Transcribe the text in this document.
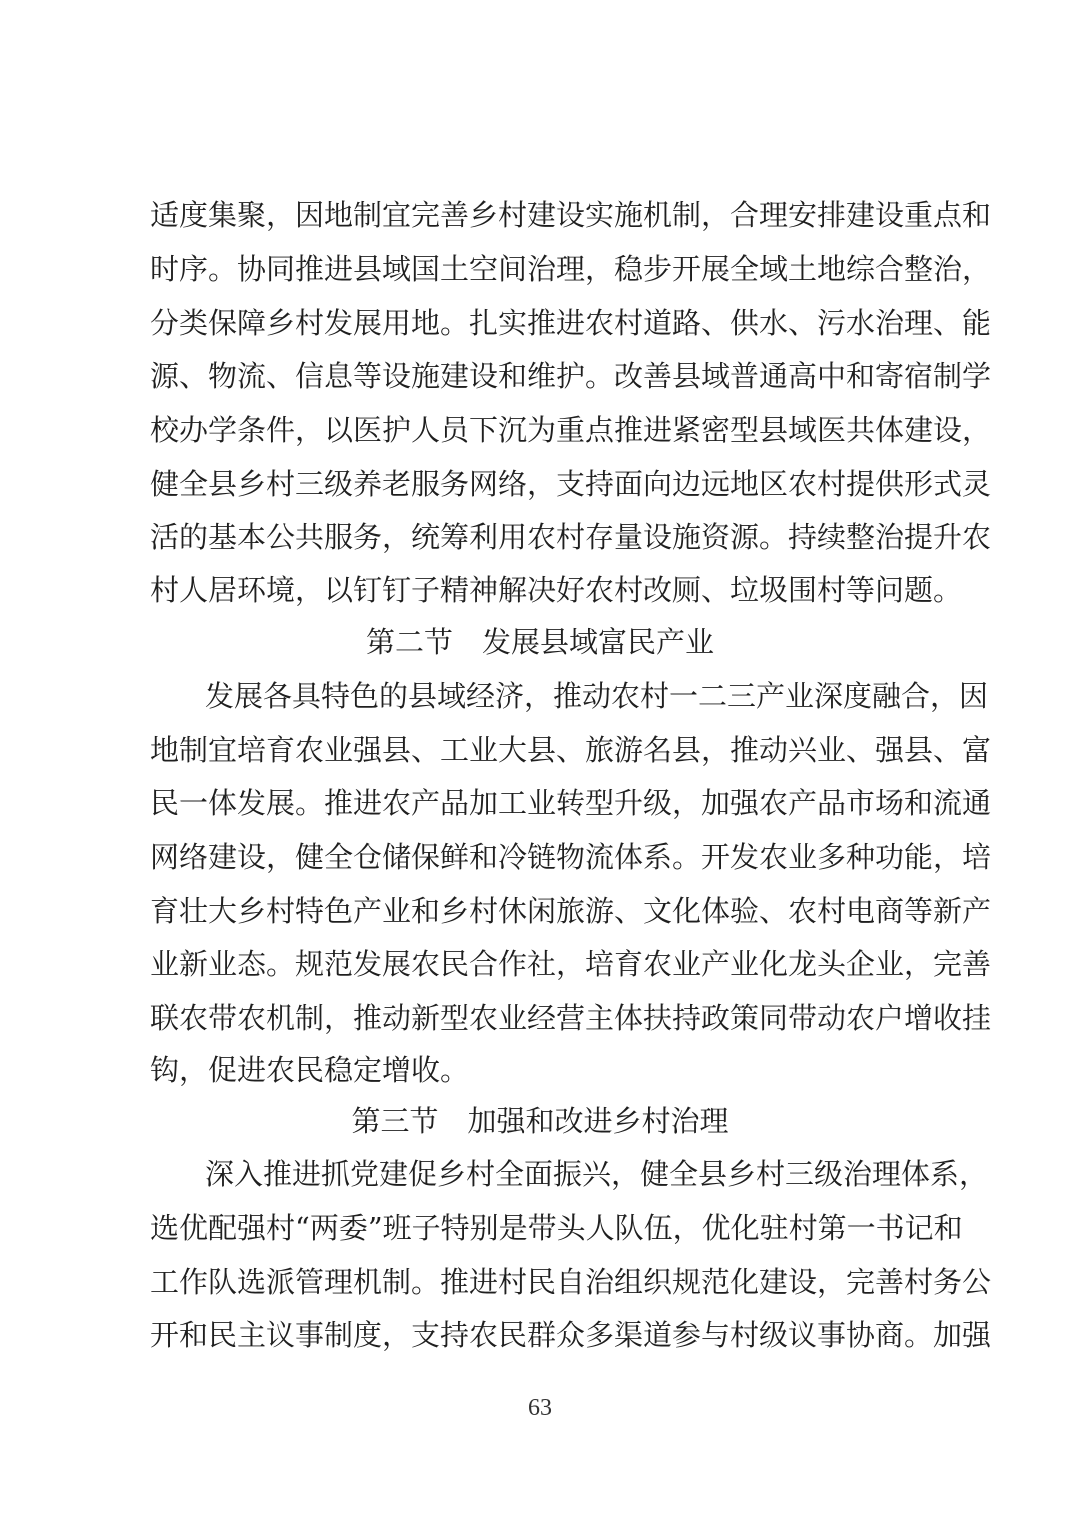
适度集聚，因地制宜完善乡村建设实施机制，合理安排建设重点和
时序。协同推进县域国土空间治理，稳步开展全域土地综合整治，
分类保障乡村发展用地。扎实推进农村道路、供水、污水治理、能
源、物流、信息等设施建设和维护。改善县域普通高中和寄宿制学
校办学条件，以医护人员下沉为重点推进紧密型县域医共体建设，
健全县乡村三级养老服务网络，支持面向边远地区农村提供形式灵
活的基本公共服务，统筹利用农村存量设施资源。持续整治提升农
村人居环境，以钉钉子精神解决好农村改厕、垃圾围村等问题。
第二节　发展县域富民产业
发展各具特色的县域经济，推动农村一二三产业深度融合，因
地制宜培育农业强县、工业大县、旅游名县，推动兴业、强县、富
民一体发展。推进农产品加工业转型升级，加强农产品市场和流通
网络建设，健全仓储保鲜和冷链物流体系。开发农业多种功能，培
育壮大乡村特色产业和乡村休闲旅游、文化体验、农村电商等新产
业新业态。规范发展农民合作社，培育农业产业化龙头企业，完善
联农带农机制，推动新型农业经营主体扶持政策同带动农户增收挂
钩，促进农民稳定增收。
第三节　加强和改进乡村治理
深入推进抓党建促乡村全面振兴，健全县乡村三级治理体系，
选优配强村“两委”班子特别是带头人队伍，优化驻村第一书记和
工作队选派管理机制。推进村民自治组织规范化建设，完善村务公
开和民主议事制度，支持农民群众多渠道参与村级议事协商。加强
63
